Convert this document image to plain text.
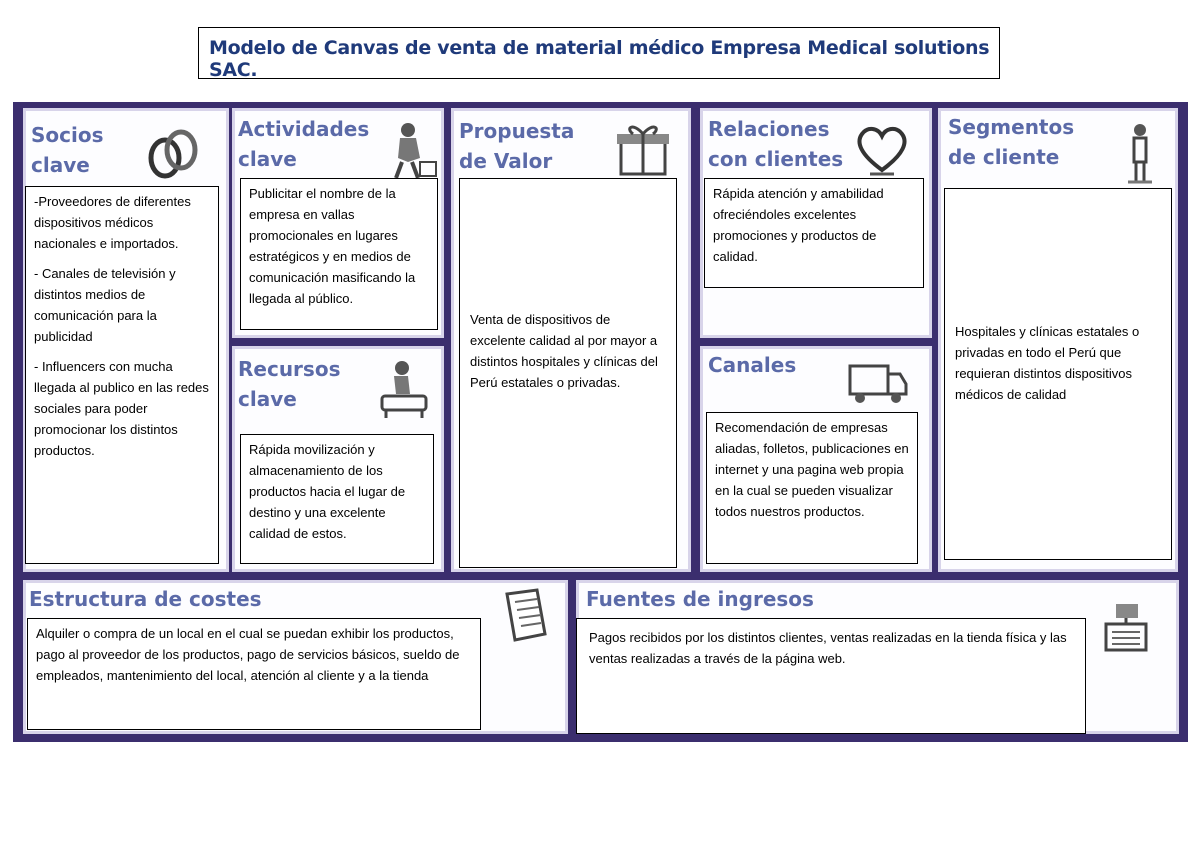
Modelo de Canvas de venta de material médico Empresa Medical solutions SAC.
Socios
clave

-Proveedores de diferentes dispositivos médicos nacionales e importados.

- Canales de televisión y distintos medios de comunicación para la publicidad

- Influencers con mucha llegada al publico en las redes sociales para poder promocionar los distintos productos.

Actividades
clave
Publicitar el nombre de la empresa en vallas promocionales en lugares estratégicos y en medios de comunicación masificando la llegada al público.
Recursos
clave
Rápida movilización y almacenamiento de los productos hacia el lugar de destino y una excelente calidad de estos.
Propuesta
de Valor
Venta de dispositivos de excelente calidad al por mayor a distintos hospitales y clínicas del Perú estatales o privadas.
Relaciones
con clientes
Rápida atención y amabilidad ofreciéndoles excelentes promociones y productos de calidad.
Canales
Recomendación de empresas aliadas, folletos, publicaciones en internet y una pagina web propia en la cual se pueden visualizar todos nuestros productos.
Segmentos
de cliente
Hospitales y clínicas estatales o privadas en todo el Perú que requieran distintos dispositivos médicos de calidad
Estructura de costes
Alquiler o compra de un local en el cual se puedan exhibir los productos, pago al proveedor de los productos, pago de servicios básicos, sueldo de empleados, mantenimiento del local, atención al cliente y a la tienda
Fuentes de ingresos
Pagos recibidos por los distintos clientes, ventas realizadas en la tienda física y las ventas realizadas a través de la página web.
